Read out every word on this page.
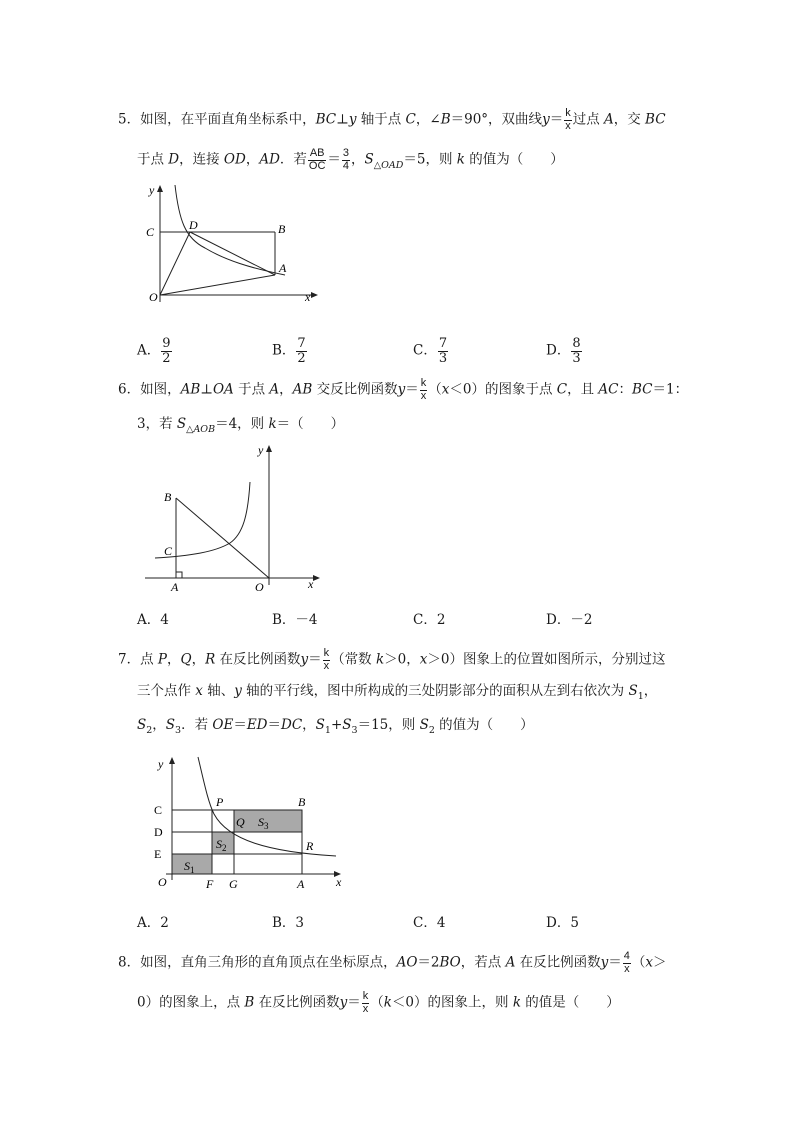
5．如图，在平面直角坐标系中，BC⊥y 轴于点 C，∠B＝90°，双曲线$y= \frac{k}{x}$ 过点 A，交 BC
于点 D，连接 OD，AD．若 $\frac{AB}{OC} = \frac{3}{4}$ ，$S_{\triangle OAD}=5$，则 k 的值为（　　）
y
x
O
C	D	B
A
A． $\frac{9}{2}$	B． $\frac{7}{2}$	C． $\frac{7}{3}$	D． $\frac{8}{3}$
6．如图，AB⊥OA 于点 A，AB 交反比例函数$y= \frac{k}{x} (x<0)$的图象于点 C，且 AC：BC＝1：
3，若 $S_{\triangle AOB}=4$，则 k＝（　　）
y
x
O
A
B
C
A．4	B．－4	C．2	D．－2
7．点 P，Q，R 在反比例函数$y= \frac{k}{x}$ （常数 k＞0，x＞0）图象上的位置如图所示，分别过这
三个点作 x 轴、y 轴的平行线，图中所构成的三处阴影部分的面积从左到右依次为 $S_1$，
$S_2$，$S_3$．若 OE＝ED＝DC，$S_1+S_3=15$，则 $S_2$ 的值为（　　）
y
x
O
C
D
E
F G	A
B
P
Q
R
$S_1$
$S_2$
$S_3$
A．2	B．3	C．4	D．5
8．如图，直角三角形的直角顶点在坐标原点，AO＝2BO，若点 A 在反比例函数$y= \frac{4}{x} (x>$
0）的图象上，点 B 在反比例函数$y= \frac{k}{x} (k<0)$的图象上，则 k 的值是（　　）
